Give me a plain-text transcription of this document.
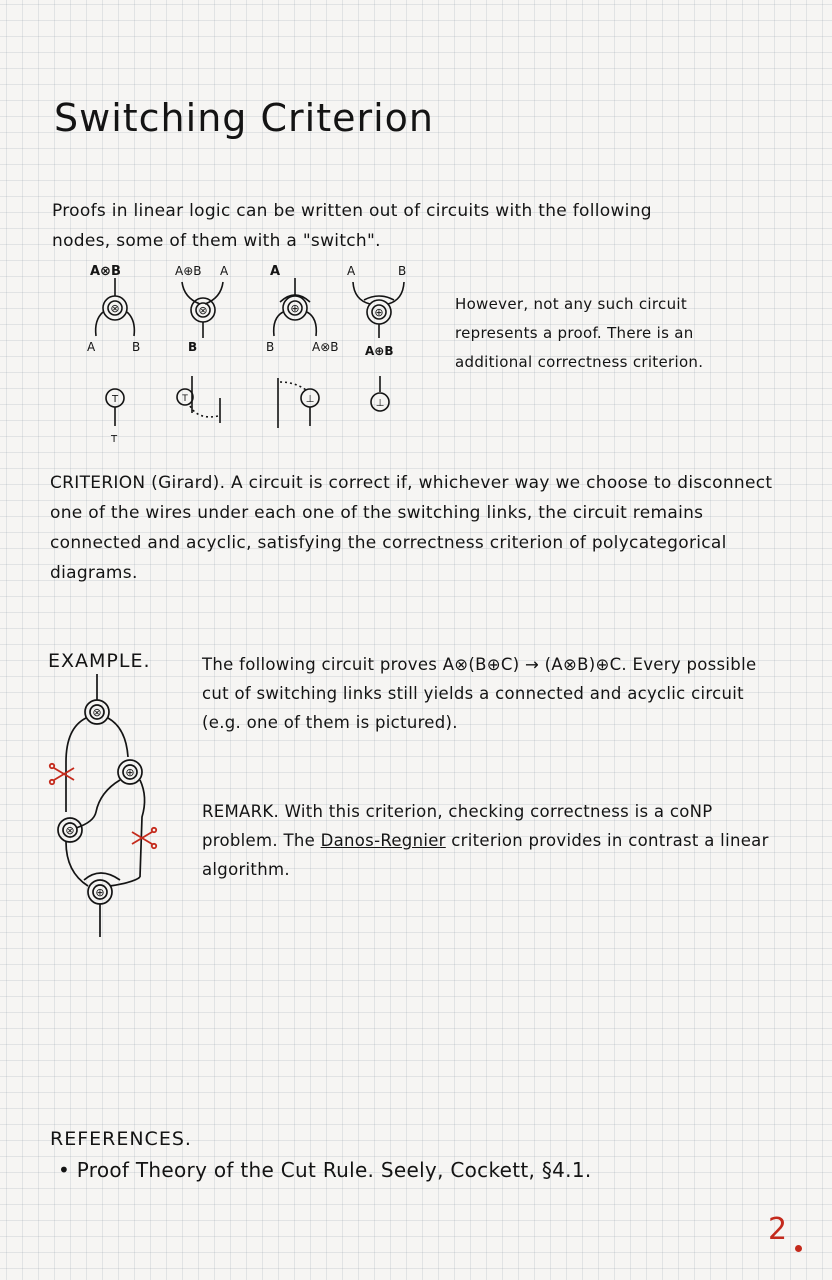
Switching Criterion
Proofs in linear logic can be written out of circuits with the following nodes, some of them with a "switch".
A⊗B
⊗
A	B
A⊕B A
⊗
B
A
⊕
B	A⊗B
A	B
⊕
A⊕B
T
T
T	⊥	⊥
However, not any such circuit represents a proof. There is an additional correctness criterion.
CRITERION (Girard). A circuit is correct if, whichever way we choose to disconnect one of the wires under each one of the switching links, the circuit remains connected and acyclic, satisfying the correctness criterion of polycategorical diagrams.
EXAMPLE.	The following circuit proves A⊗(B⊕C) → (A⊗B)⊕C. Every possible cut of switching links still yields a connected and acyclic circuit (e.g. one of them is pictured).
⊗
⊕
⊗
⊕
REMARK. With this criterion, checking correctness is a coNP problem. The Danos-Regnier criterion provides in contrast a linear algorithm.
REFERENCES.
• Proof Theory of the Cut Rule. Seely, Cockett, §4.1.
2
